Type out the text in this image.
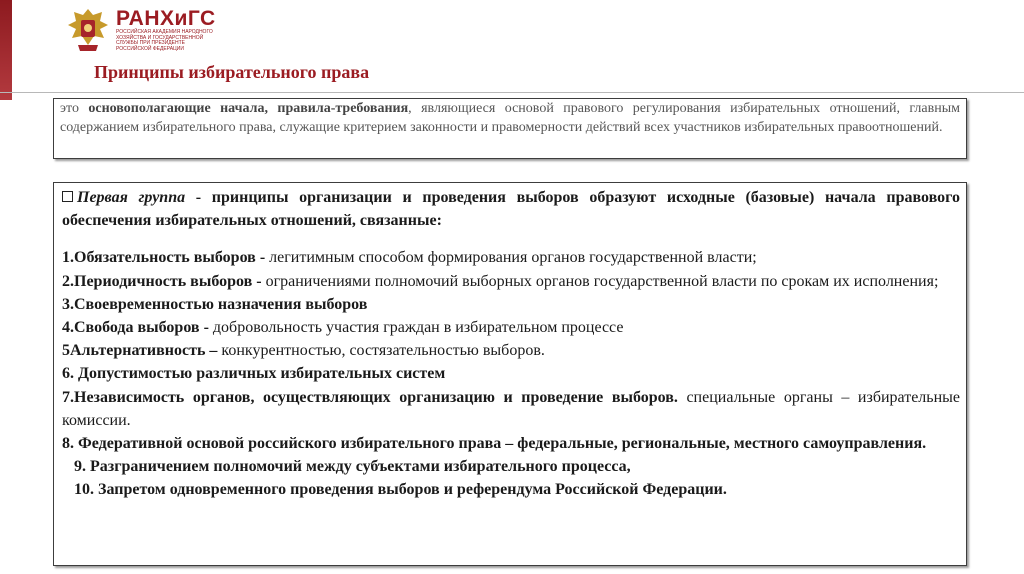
РАНХиГС
РОССИЙСКАЯ АКАДЕМИЯ НАРОДНОГО ХОЗЯЙСТВА И ГОСУДАРСТВЕННОЙ СЛУЖБЫ ПРИ ПРЕЗИДЕНТЕ РОССИЙСКОЙ ФЕДЕРАЦИИ
Принципы избирательного права
это основополагающие начала, правила-требования, являющиеся основой правового регулирования избирательных отношений, главным содержанием избирательного права, служащие критерием законности и правомерности действий всех участников избирательных правоотношений.

Первая группа - принципы организации и проведения выборов образуют исходные (базовые) начала правового обеспечения избирательных отношений, связанные:

1.Обязательность выборов - легитимным способом формирования органов государственной власти;

2.Периодичность выборов - ограничениями полномочий выборных органов государственной власти по срокам их исполнения;

3.Своевременностью назначения выборов

4.Свобода выборов - добровольность участия граждан в избирательном процессе

5Альтернативность – конкурентностью, состязательностью выборов.

6. Допустимостью различных избирательных систем

7.Независимость органов, осуществляющих организацию и проведение выборов. специальные органы – избирательные комиссии.

8. Федеративной основой российского избирательного права – федеральные, региональные, местного самоуправления.

9. Разграничением полномочий между субъектами избирательного процесса,

10. Запретом одновременного проведения выборов и референдума Российской Федерации.
